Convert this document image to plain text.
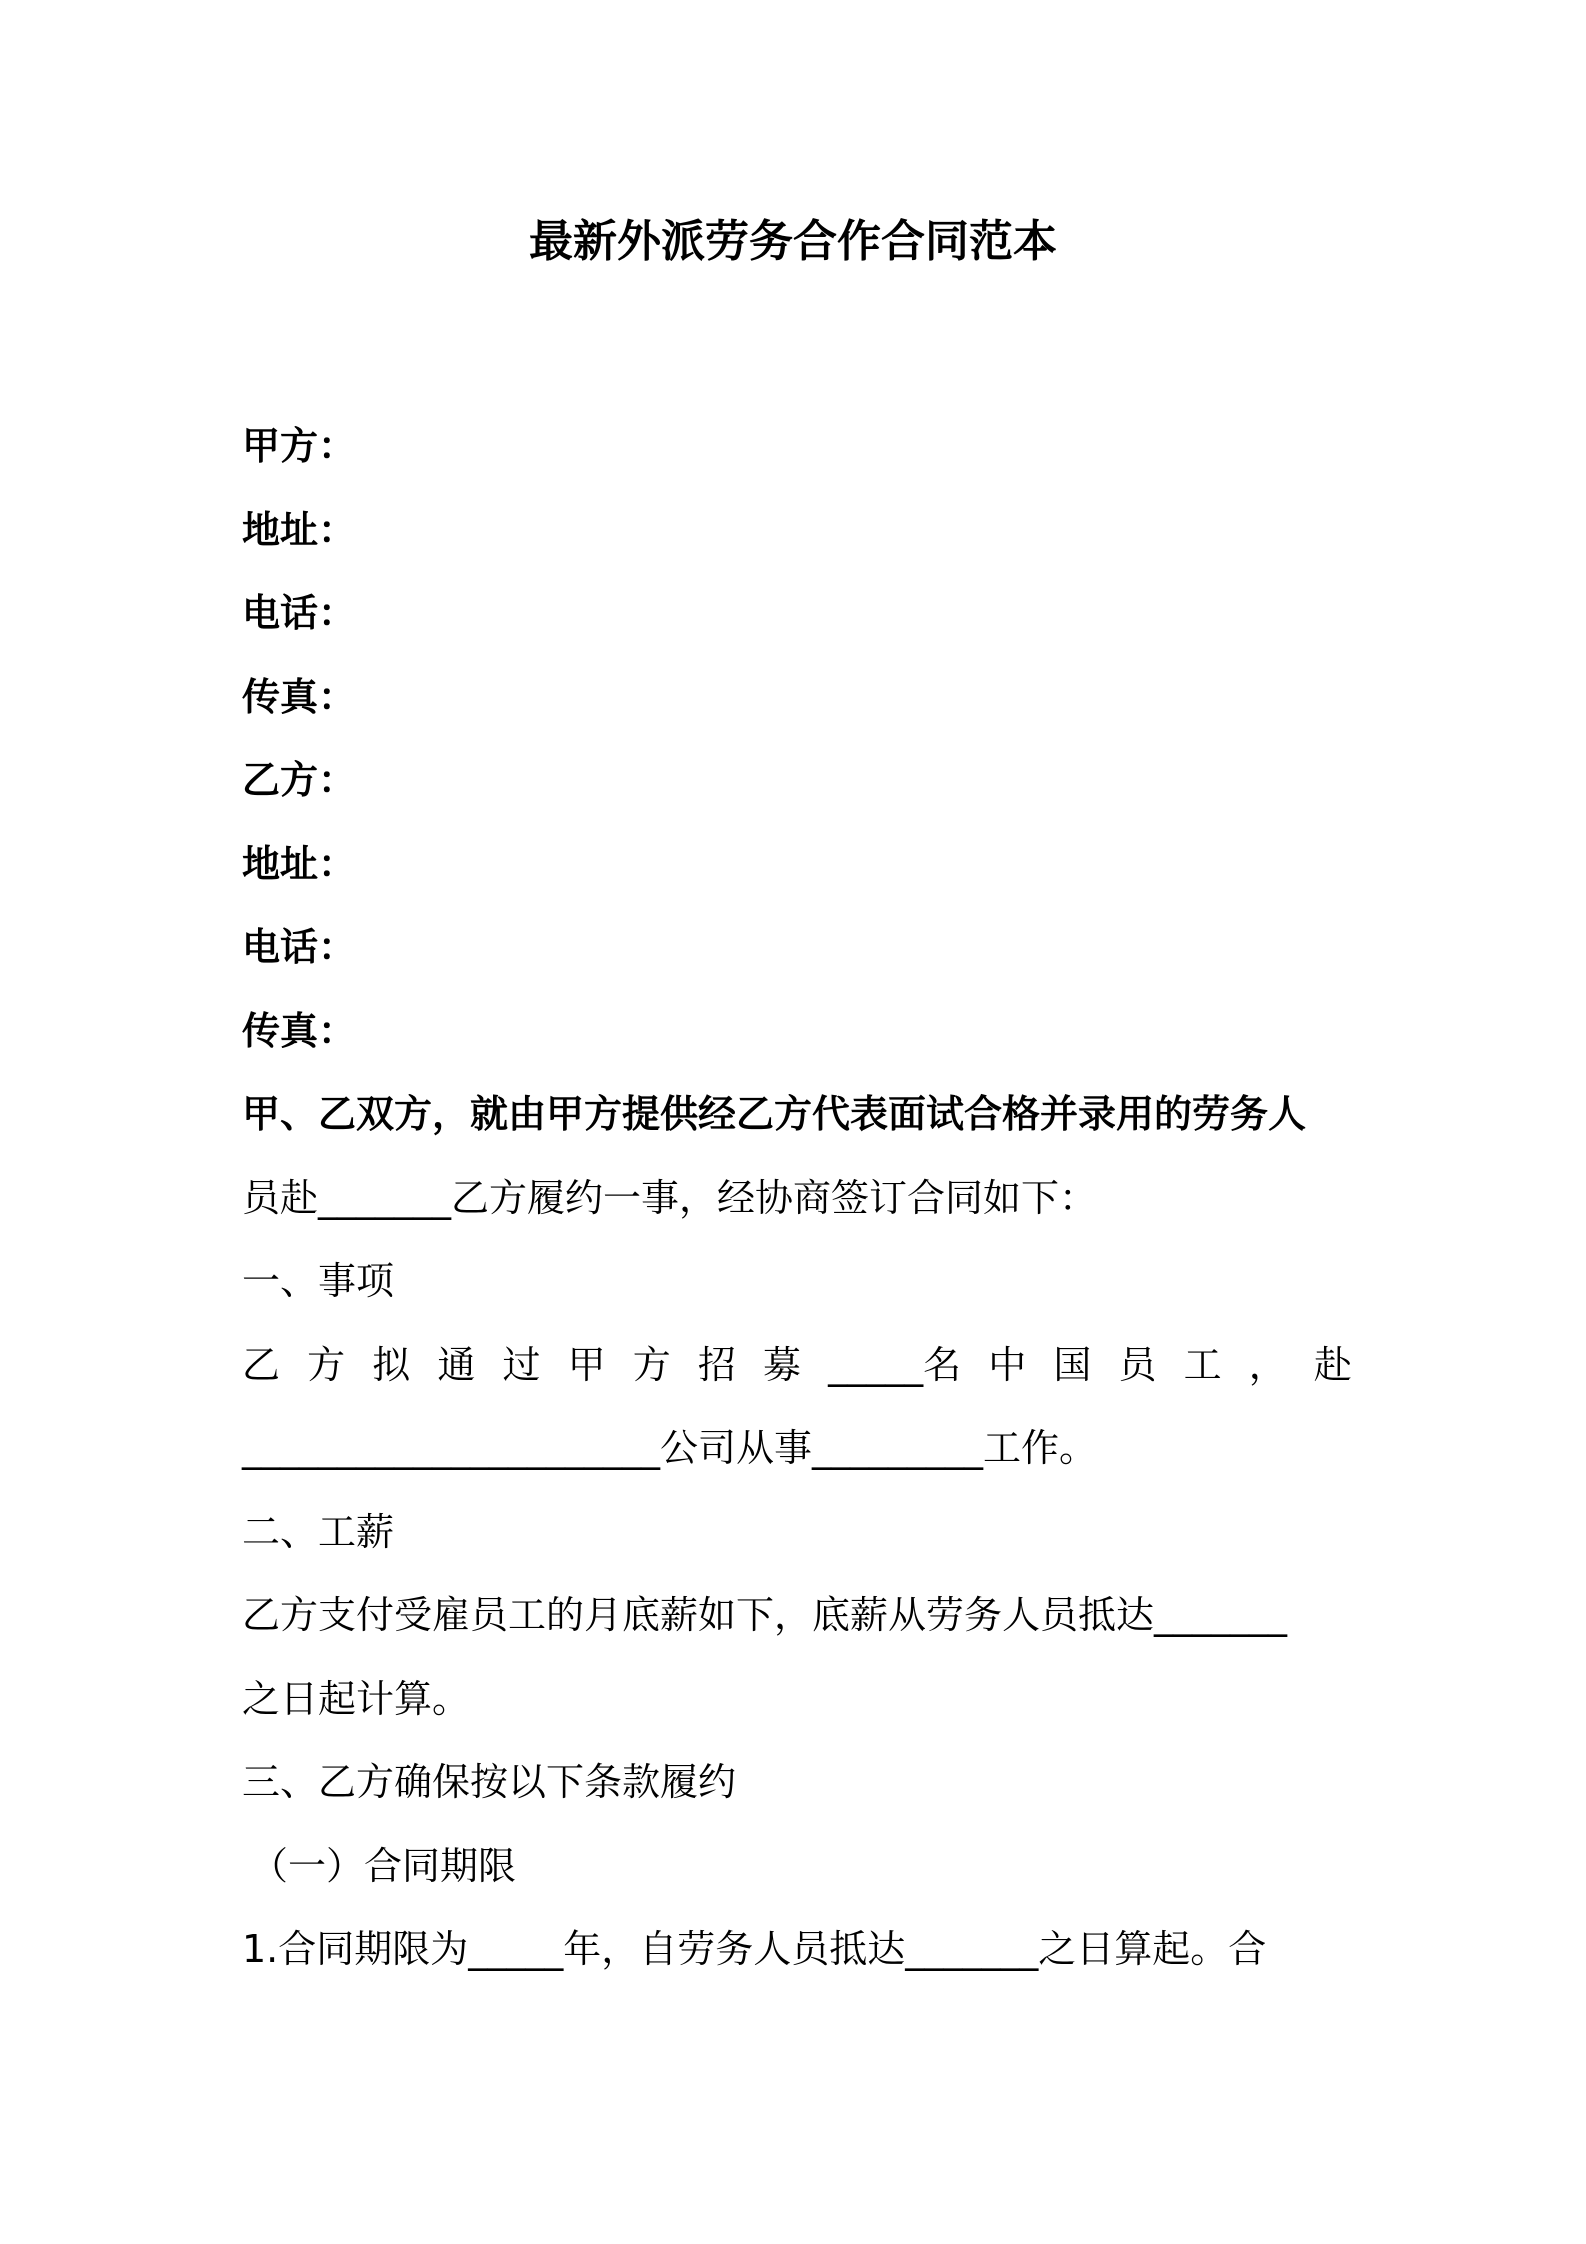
最新外派劳务合作合同范本
甲方：
地址：
电话：
传真：
乙方：
地址：
电话：
传真：
甲、乙双方，就由甲方提供经乙方代表面试合格并录用的劳务人
员赴_______乙方履约一事，经协商签订合同如下：
一、事项
乙 方 拟 通 过 甲 方 招 募 _____名 中 国 员 工 ， 赴
______________________公司从事_________工作。
二、工薪
乙方支付受雇员工的月底薪如下，底薪从劳务人员抵达_______
之日起计算。
三、乙方确保按以下条款履约
（一）合同期限
1.合同期限为_____年，自劳务人员抵达_______之日算起。合
